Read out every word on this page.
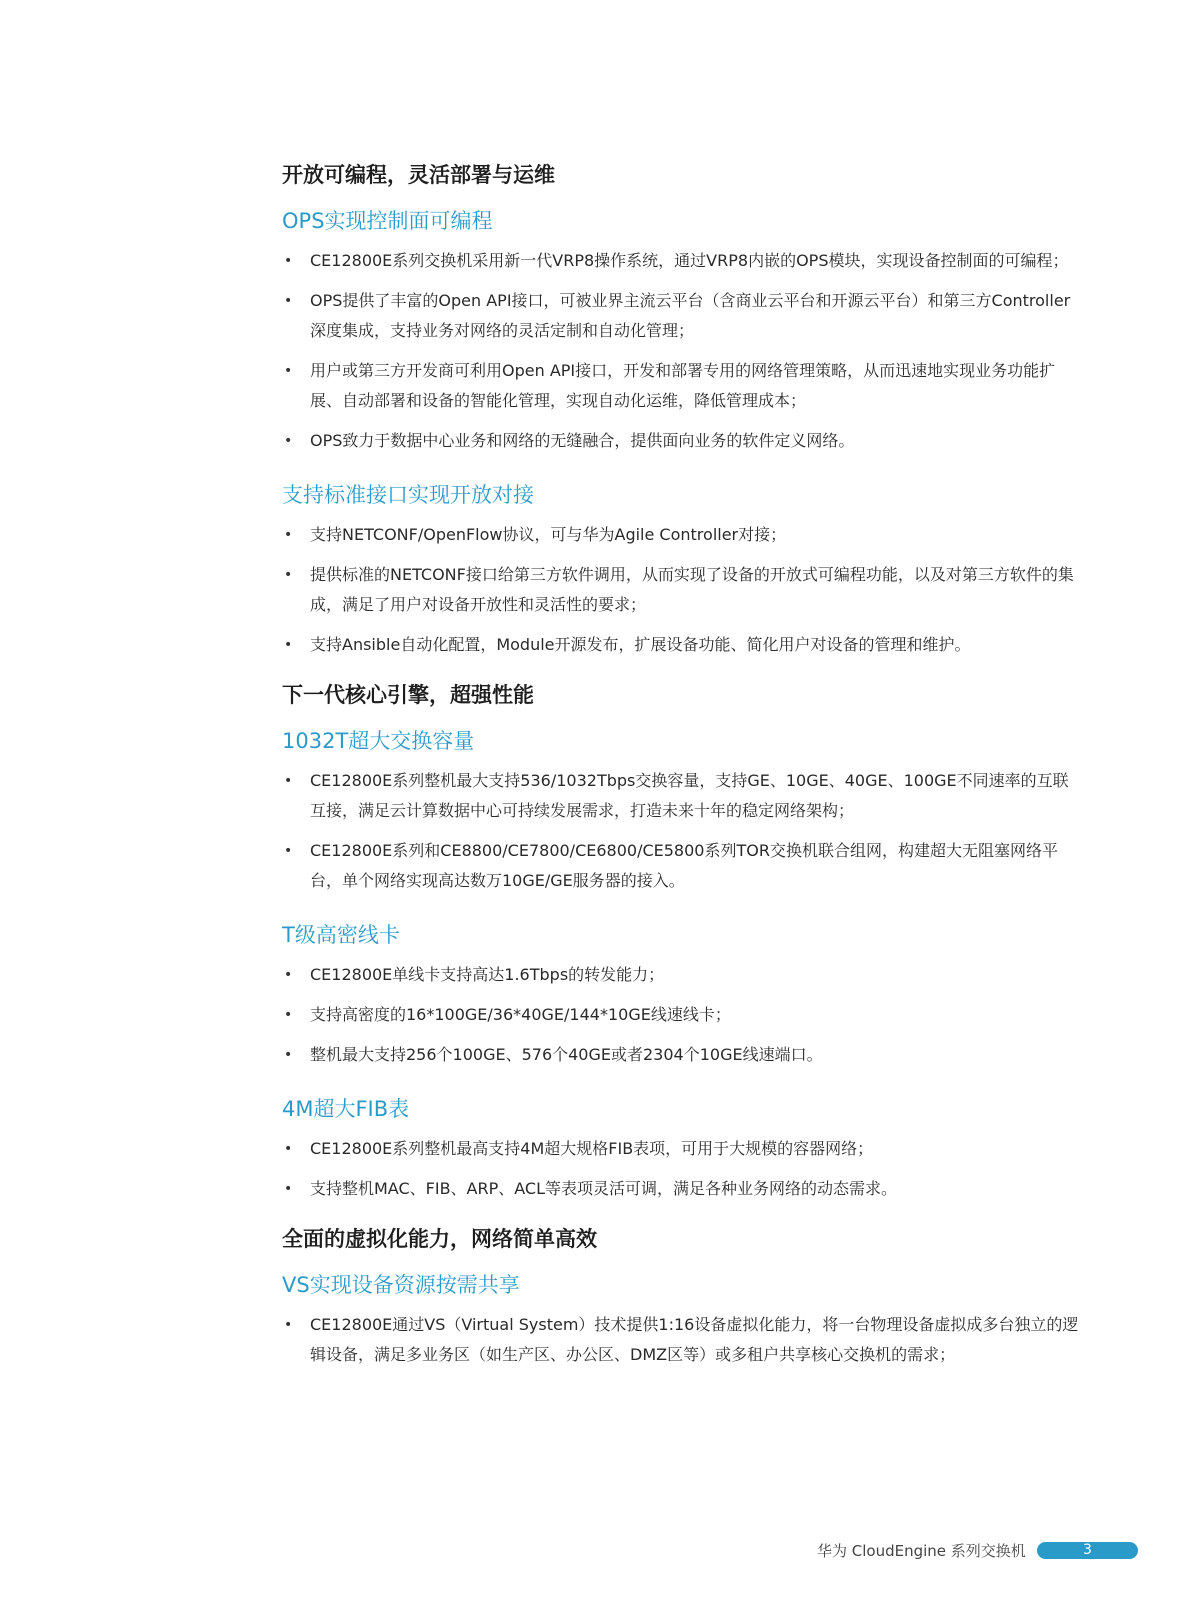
开放可编程，灵活部署与运维
OPS实现控制面可编程
• CE12800E系列交换机采用新一代VRP8操作系统，通过VRP8内嵌的OPS模块，实现设备控制面的可编程；
• OPS提供了丰富的Open API接口，可被业界主流云平台（含商业云平台和开源云平台）和第三方Controller深度集成，支持业务对网络的灵活定制和自动化管理；
• 用户或第三方开发商可利用Open API接口，开发和部署专用的网络管理策略，从而迅速地实现业务功能扩展、自动部署和设备的智能化管理，实现自动化运维，降低管理成本；
• OPS致力于数据中心业务和网络的无缝融合，提供面向业务的软件定义网络。
支持标准接口实现开放对接
• 支持NETCONF/OpenFlow协议，可与华为Agile Controller对接；
• 提供标准的NETCONF接口给第三方软件调用，从而实现了设备的开放式可编程功能，以及对第三方软件的集成，满足了用户对设备开放性和灵活性的要求；
• 支持Ansible自动化配置，Module开源发布，扩展设备功能、简化用户对设备的管理和维护。
下一代核心引擎，超强性能
1032T超大交换容量
• CE12800E系列整机最大支持536/1032Tbps交换容量，支持GE、10GE、40GE、100GE不同速率的互联互接，满足云计算数据中心可持续发展需求，打造未来十年的稳定网络架构；
• CE12800E系列和CE8800/CE7800/CE6800/CE5800系列TOR交换机联合组网，构建超大无阻塞网络平台，单个网络实现高达数万10GE/GE服务器的接入。
T级高密线卡
• CE12800E单线卡支持高达1.6Tbps的转发能力；
• 支持高密度的16*100GE/36*40GE/144*10GE线速线卡；
• 整机最大支持256个100GE、576个40GE或者2304个10GE线速端口。
4M超大FIB表
• CE12800E系列整机最高支持4M超大规格FIB表项，可用于大规模的容器网络；
• 支持整机MAC、FIB、ARP、ACL等表项灵活可调，满足各种业务网络的动态需求。
全面的虚拟化能力，网络简单高效
VS实现设备资源按需共享
• CE12800E通过VS（Virtual System）技术提供1:16设备虚拟化能力，将一台物理设备虚拟成多台独立的逻辑设备，满足多业务区（如生产区、办公区、DMZ区等）或多租户共享核心交换机的需求；
华为 CloudEngine 系列交换机	3
